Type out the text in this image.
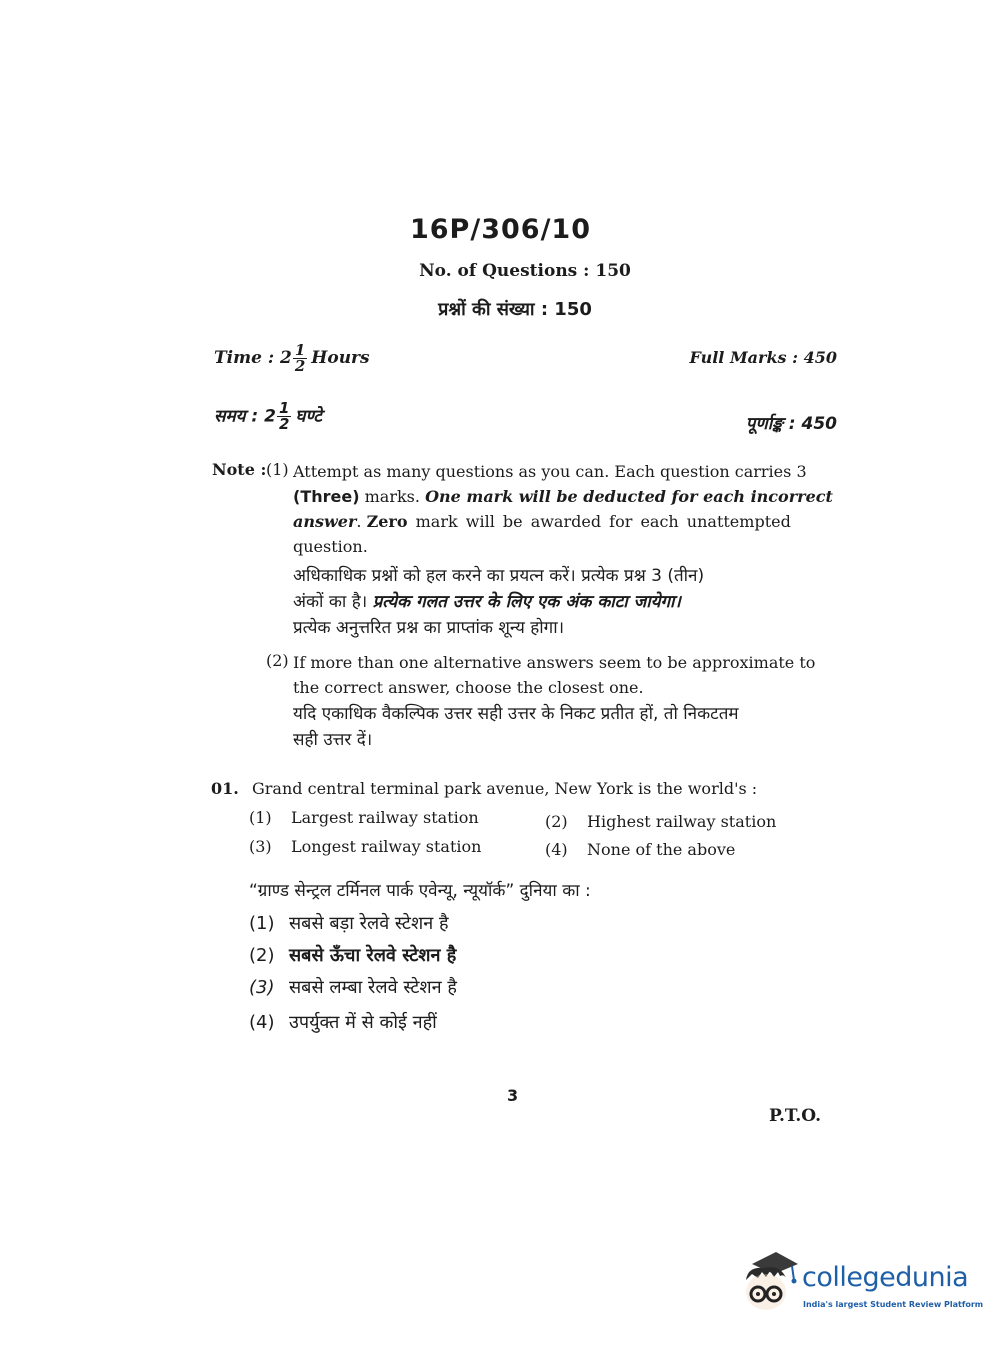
16P/306/10
No. of Questions : 150
प्रश्नों की संख्या : 150
Time : $2 \frac{1}{2}$ Hours	Full Marks : 450
समय : $2 \frac{1}{2}$ घण्टे	पूर्णाङ्क : 450
Note : (1) Attempt as many questions as you can. Each question carries 3
(Three) marks. One mark will be deducted for each incorrect
answer. Zero mark will be awarded for each unattempted
question.
अधिकाधिक प्रश्नों को हल करने का प्रयत्न करें। प्रत्येक प्रश्न 3 (तीन)
अंकों का है। प्रत्येक गलत उत्तर के लिए एक अंक काटा जायेगा।
प्रत्येक अनुत्तरित प्रश्न का प्राप्तांक शून्य होगा।
(2) If more than one alternative answers seem to be approximate to
the correct answer, choose the closest one.
यदि एकाधिक वैकल्पिक उत्तर सही उत्तर के निकट प्रतीत हों, तो निकटतम
सही उत्तर दें।
01. Grand central terminal park avenue, New York is the world's :
(1) Largest railway station	(2) Highest railway station
(3) Longest railway station	(4) None of the above
“ग्राण्ड सेन्ट्रल टर्मिनल पार्क एवेन्यू, न्यूयॉर्क” दुनिया का :
(1) सबसे बड़ा रेलवे स्टेशन है
(2) सबसे ऊँचा रेलवे स्टेशन है
(3) सबसे लम्बा रेलवे स्टेशन है
(4) उपर्युक्त में से कोई नहीं
3
P.T.O.
collegedunia
India's largest Student Review Platform
